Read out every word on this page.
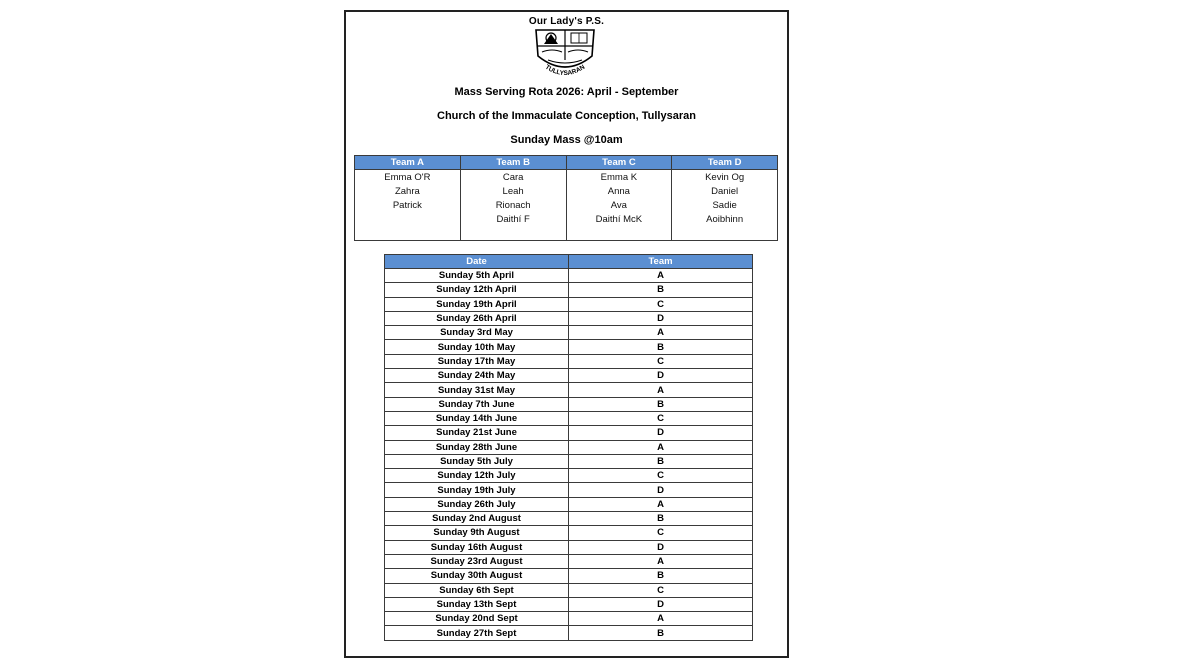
Our Lady's P.S.
TULLYSARAN
Mass Serving Rota 2026: April - September
Church of the Immaculate Conception, Tullysaran
Sunday Mass @10am
Team A	Team B	Team C	Team D

Emma O'R
Zahra
Patrick	Cara
Leah
Rionach
Daithí F	Emma K
Anna
Ava
Daithí McK	Kevin Og
Daniel
Sadie
Aoibhinn
Date	Team
Sunday 5th April	A
Sunday 12th April	B
Sunday 19th April	C
Sunday 26th April	D
Sunday 3rd May	A
Sunday 10th May	B
Sunday 17th May	C
Sunday 24th May	D
Sunday 31st May	A
Sunday 7th June	B
Sunday 14th June	C
Sunday 21st June	D
Sunday 28th June	A
Sunday 5th July	B
Sunday 12th July	C
Sunday 19th July	D
Sunday 26th July	A
Sunday 2nd August	B
Sunday 9th August	C
Sunday 16th August	D
Sunday 23rd August	A
Sunday 30th August	B
Sunday 6th Sept	C
Sunday 13th Sept	D
Sunday 20nd Sept	A
Sunday 27th Sept	B
